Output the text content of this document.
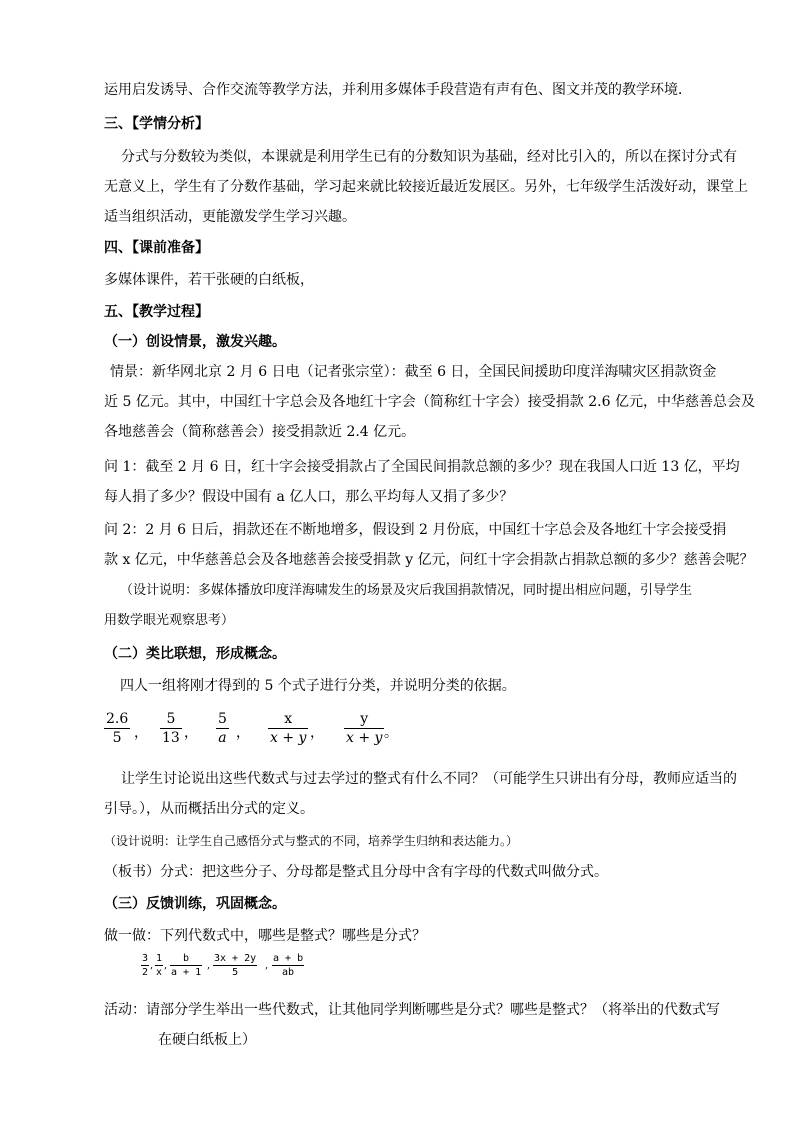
运用启发诱导、合作交流等教学方法，并利用多媒体手段营造有声有色、图文并茂的教学环境．
三、【学情分析】
分式与分数较为类似，本课就是利用学生已有的分数知识为基础，经对比引入的，所以在探讨分式有
无意义上，学生有了分数作基础，学习起来就比较接近最近发展区。另外，七年级学生活泼好动，课堂上
适当组织活动，更能激发学生学习兴趣。
四、【课前准备】
多媒体课件，若干张硬的白纸板，
五、【教学过程】
（一）创设情景，激发兴趣。
情景：新华网北京 2 月 6 日电（记者张宗堂）：截至 6 日，全国民间援助印度洋海啸灾区捐款资金
近 5 亿元。其中，中国红十字总会及各地红十字会（简称红十字会）接受捐款 2.6 亿元，中华慈善总会及
各地慈善会（简称慈善会）接受捐款近 2.4 亿元。
问 1：截至 2 月 6 日，红十字会接受捐款占了全国民间捐款总额的多少？现在我国人口近 13 亿，平均
每人捐了多少？假设中国有 a 亿人口，那么平均每人又捐了多少？
问 2：2 月 6 日后，捐款还在不断地增多，假设到 2 月份底，中国红十字总会及各地红十字会接受捐
款 x 亿元，中华慈善总会及各地慈善会接受捐款 y 亿元，问红十字会捐款占捐款总额的多少？慈善会呢？
（设计说明：多媒体播放印度洋海啸发生的场景及灾后我国捐款情况，同时提出相应问题，引导学生
用数学眼光观察思考）
（二）类比联想，形成概念。
四人一组将刚才得到的 5 个式子进行分类，并说明分类的依据。
2.6
5 ，
5
13 ，
5
a ，
x
x + y ，
y
x + y 。
让学生讨论说出这些代数式与过去学过的整式有什么不同？（可能学生只讲出有分母，教师应适当的
引导。），从而概括出分式的定义。
（设计说明：让学生自己感悟分式与整式的不同，培养学生归纳和表达能力。）
（板书）分式：把这些分子、分母都是整式且分母中含有字母的代数式叫做分式。
（三）反馈训练，巩固概念。
做一做：下列代数式中，哪些是整式？哪些是分式？
3
2
,
1
x
,
b
a + 1
,
3x + 2y
5
,
a + b
ab
活动：请部分学生举出一些代数式，让其他同学判断哪些是分式？哪些是整式？（将举出的代数式写
在硬白纸板上）
